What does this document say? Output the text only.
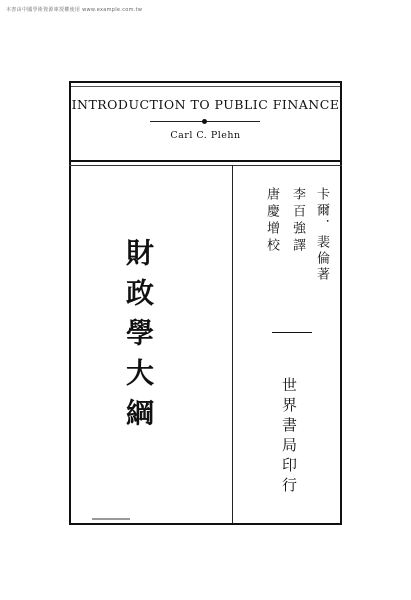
本書由中國學術資源庫授權使用 www.example.com.tw
INTRODUCTION TO PUBLIC FINANCE
Carl C. Plehn
財政學大綱
卡爾．裴倫著
李百強譯
唐慶增校
世界書局印行
